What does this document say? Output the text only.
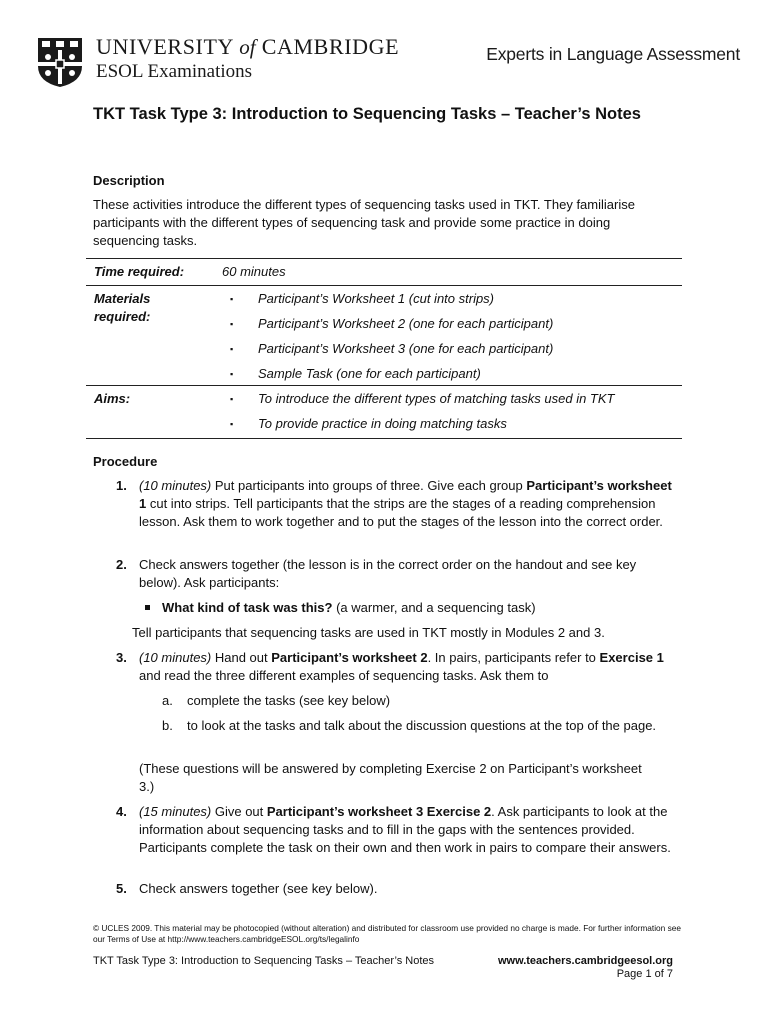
UNIVERSITY of CAMBRIDGE
ESOL Examinations
Experts in Language Assessment
TKT Task Type 3: Introduction to Sequencing Tasks – Teacher’s Notes
Description
These activities introduce the different types of sequencing tasks used in TKT. They familiarise participants with the different types of sequencing task and provide some practice in doing sequencing tasks.
Time required:	60 minutes
Materials
required:
▪	Participant’s Worksheet 1 (cut into strips)
▪	Participant’s Worksheet 2 (one for each participant)
▪	Participant’s Worksheet 3 (one for each participant)
▪	Sample Task (one for each participant)
Aims:	▪	To introduce the different types of matching tasks used in TKT
▪	To provide practice in doing matching tasks
Procedure
1. (10 minutes) Put participants into groups of three. Give each group Participant’s worksheet 1 cut into strips. Tell participants that the strips are the stages of a reading comprehension lesson. Ask them to work together and to put the stages of the lesson into the correct order.
2. Check answers together (the lesson is in the correct order on the handout and see key below). Ask participants:
What kind of task was this? (a warmer, and a sequencing task)
Tell participants that sequencing tasks are used in TKT mostly in Modules 2 and 3.
3. (10 minutes) Hand out Participant’s worksheet 2. In pairs, participants refer to Exercise 1 and read the three different examples of sequencing tasks. Ask them to
a. complete the tasks (see key below)
b. to look at the tasks and talk about the discussion questions at the top of the page.
(These questions will be answered by completing Exercise 2 on Participant’s worksheet 3.)
4. (15 minutes) Give out Participant’s worksheet 3 Exercise 2. Ask participants to look at the information about sequencing tasks and to fill in the gaps with the sentences provided. Participants complete the task on their own and then work in pairs to compare their answers.
5. Check answers together (see key below).
© UCLES 2009. This material may be photocopied (without alteration) and distributed for classroom use provided no charge is made. For further information see our Terms of Use at http://www.teachers.cambridgeESOL.org/ts/legalinfo
TKT Task Type 3: Introduction to Sequencing Tasks – Teacher’s Notes	www.teachers.cambridgeesol.org
Page 1 of 7
